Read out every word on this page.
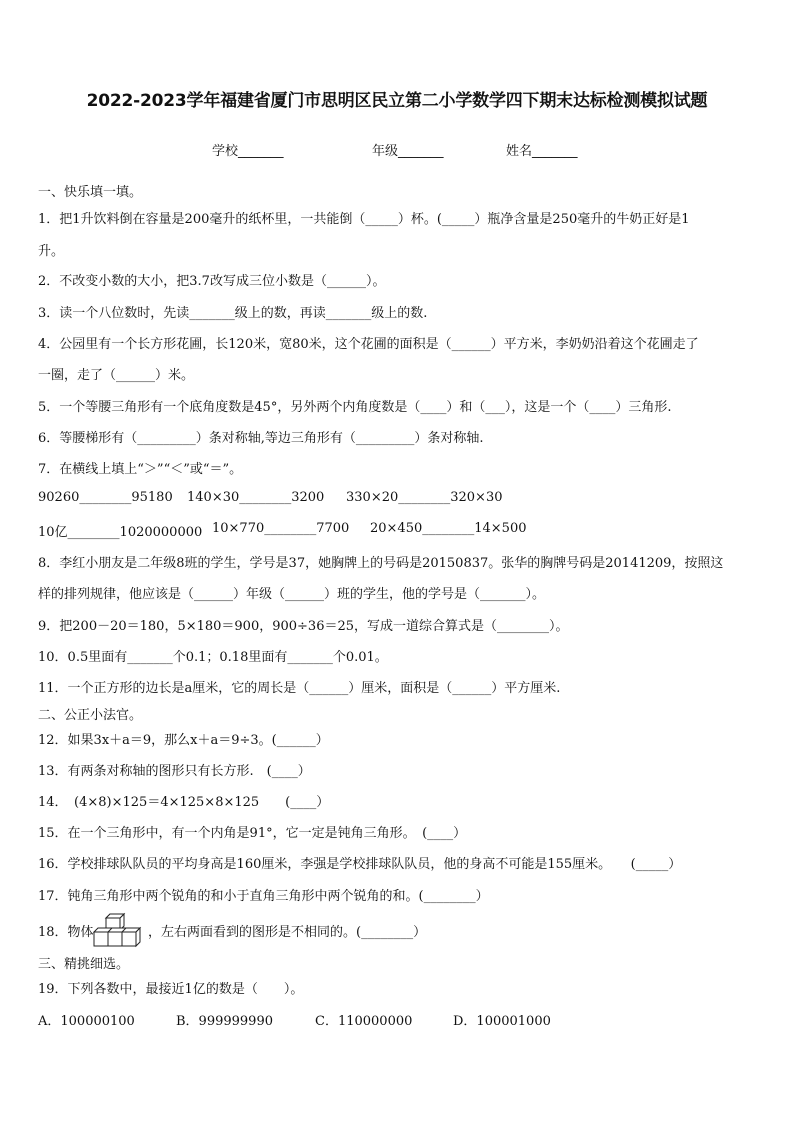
2022-2023学年福建省厦门市思明区民立第二小学数学四下期末达标检测模拟试题
学校_______	年级_______	姓名_______
一、快乐填一填。
1．把1升饮料倒在容量是200毫升的纸杯里，一共能倒（_____）杯。(_____）瓶净含量是250毫升的牛奶正好是1
升。
2．不改变小数的大小，把3.7改写成三位小数是（______）。
3．读一个八位数时，先读_______级上的数，再读_______级上的数.
4．公园里有一个长方形花圃，长120米，宽80米，这个花圃的面积是（______）平方米，李奶奶沿着这个花圃走了
一圈，走了（______）米。
5．一个等腰三角形有一个底角度数是45°，另外两个内角度数是（____）和（___），这是一个（____）三角形.
6．等腰梯形有（_________）条对称轴,等边三角形有（_________）条对称轴.
7．在横线上填上“＞”“＜”或“＝”。
90260________95180 140×30________3200 330×20________320×30
10亿________1020000000 10×770________7700 20×450________14×500
8．李红小朋友是二年级8班的学生，学号是37，她胸牌上的号码是20150837。张华的胸牌号码是20141209，按照这
样的排列规律，他应该是（______）年级（______）班的学生，他的学号是（_______）。
9．把200－20＝180，5×180＝900，900÷36＝25，写成一道综合算式是（________）。
10．0.5里面有_______个0.1；0.18里面有_______个0.01。
11．一个正方形的边长是a厘米，它的周长是（______）厘米，面积是（______）平方厘米.
二、公正小法官。
12．如果3x＋a＝9，那么x＋a＝9÷3。(______）
13．有两条对称轴的图形只有长方形.　(____）
14．　(4×8)×125＝4×125×8×125　　(____）
15．在一个三角形中，有一个内角是91°，它一定是钝角三角形。　(____）
16．学校排球队队员的平均身高是160厘米，李强是学校排球队队员，他的身高不可能是155厘米。　　(_____）
17．钝角三角形中两个锐角的和小于直角三角形中两个锐角的和。(________）
18．物体	，左右两面看到的图形是不相同的。(________）
三、精挑细选。
19．下列各数中，最接近1亿的数是（　　）。
A．100000100	B．999999990	C．110000000	D．100001000
